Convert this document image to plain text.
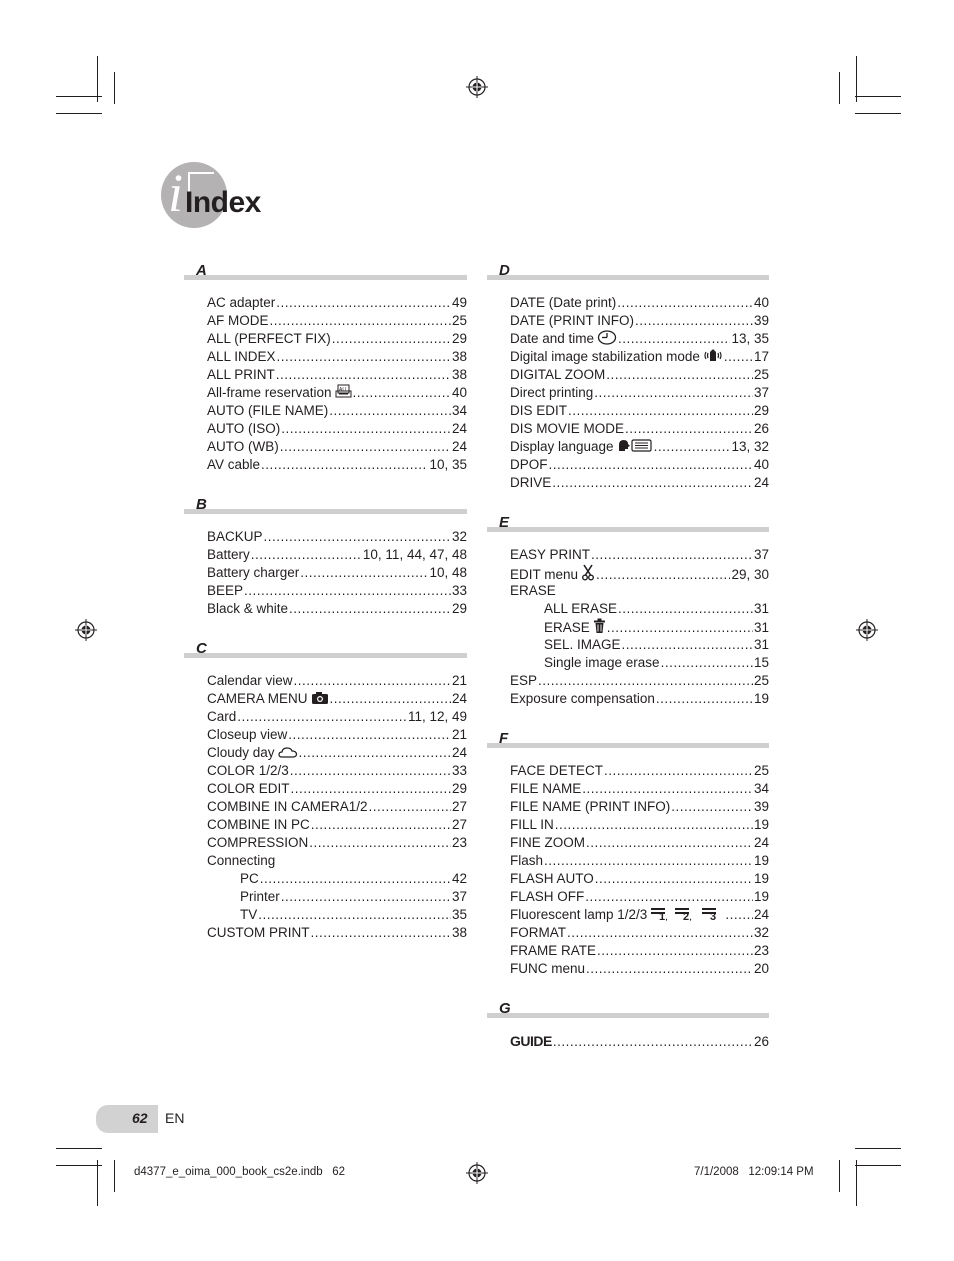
i Index
A
AC adapter .....	49
AF MODE .....	25
ALL (PERFECT FIX) .....	29
ALL INDEX .....	38
ALL PRINT .....	38
All-frame reservation ALL .....	40
AUTO (FILE NAME) .....	34
AUTO (ISO) .....	24
AUTO (WB) .....	24
AV cable .....	10, 35
B
BACKUP .....	32
Battery .....	10, 11, 44, 47, 48
Battery charger .....	10, 48
BEEP .....	33
Black & white .....	29
C
Calendar view .....	21
CAMERA MENU .....	24
Card .....	11, 12, 49
Closeup view .....	21
Cloudy day .....	24
COLOR 1/2/3 .....	33
COLOR EDIT .....	29
COMBINE IN CAMERA1/2 .....	27
COMBINE IN PC .....	27
COMPRESSION .....	23
Connecting
PC .....	42
Printer .....	37
TV .....	35
CUSTOM PRINT .....	38
D
DATE (Date print) .....	40
DATE (PRINT INFO) .....	39
Date and time .....	13, 35
Digital image stabilization mode .....	17
DIGITAL ZOOM .....	25
Direct printing .....	37
DIS EDIT .....	29
DIS MOVIE MODE .....	26
Display language .....	13, 32
DPOF .....	40
DRIVE .....	24
E
EASY PRINT .....	37
EDIT menu .....	29, 30
ERASE
ALL ERASE .....	31
ERASE .....	31
SEL. IMAGE .....	31
Single image erase .....	15
ESP .....	25
Exposure compensation .....	19
F
FACE DETECT .....	25
FILE NAME .....	34
FILE NAME (PRINT INFO) .....	39
FILL IN .....	19
FINE ZOOM .....	24
Flash .....	19
FLASH AUTO .....	19
FLASH OFF .....	19
Fluorescent lamp 1/2/3 1 , 2 , 3 .....	24
FORMAT .....	32
FRAME RATE .....	23
FUNC menu .....	20
G
GUIDE .....	26
62 EN
d4377_e_oima_000_book_cs2e.indb   62	7/1/2008   12:09:14 PM
